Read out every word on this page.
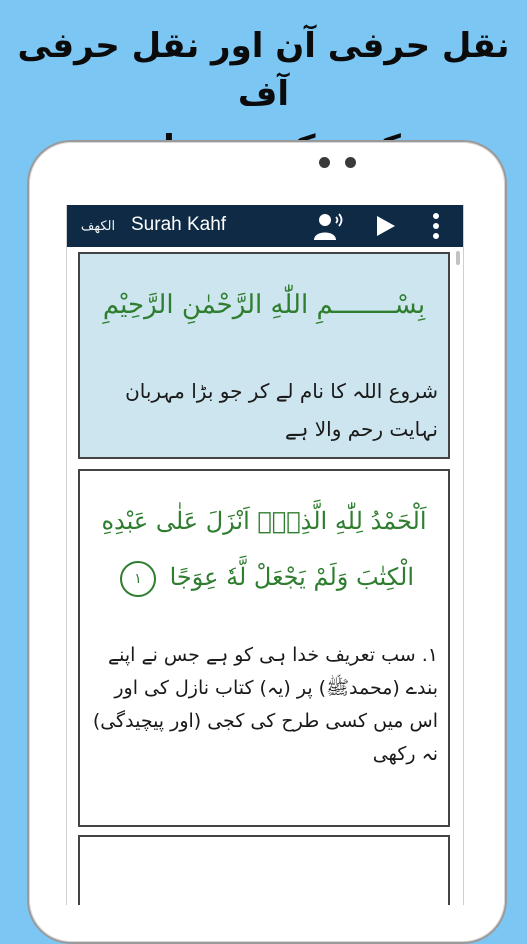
نقل حرفی آن اور نقل حرفی آف
الكهف Surah Kahf
بِسْــــــــمِ اللّٰهِ الرَّحْمٰنِ الرَّحِيْمِ
شروع اللہ کا نام لے کر جو بڑا مہربان نہایت رحم والا ہے
اَلْحَمْدُ لِلّٰهِ الَّذِىْۤ اَنْزَلَ عَلٰى عَبْدِهِ الْكِتٰبَ وَلَمْ يَجْعَلْ لَّهٗ عِوَجًا ١
١. سب تعریف خدا ہی کو ہے جس نے اپنے بندے (محمدﷺ) پر (یہ) کتاب نازل کی اور اس میں کسی طرح کی کجی (اور پیچیدگی) نہ رکھی
